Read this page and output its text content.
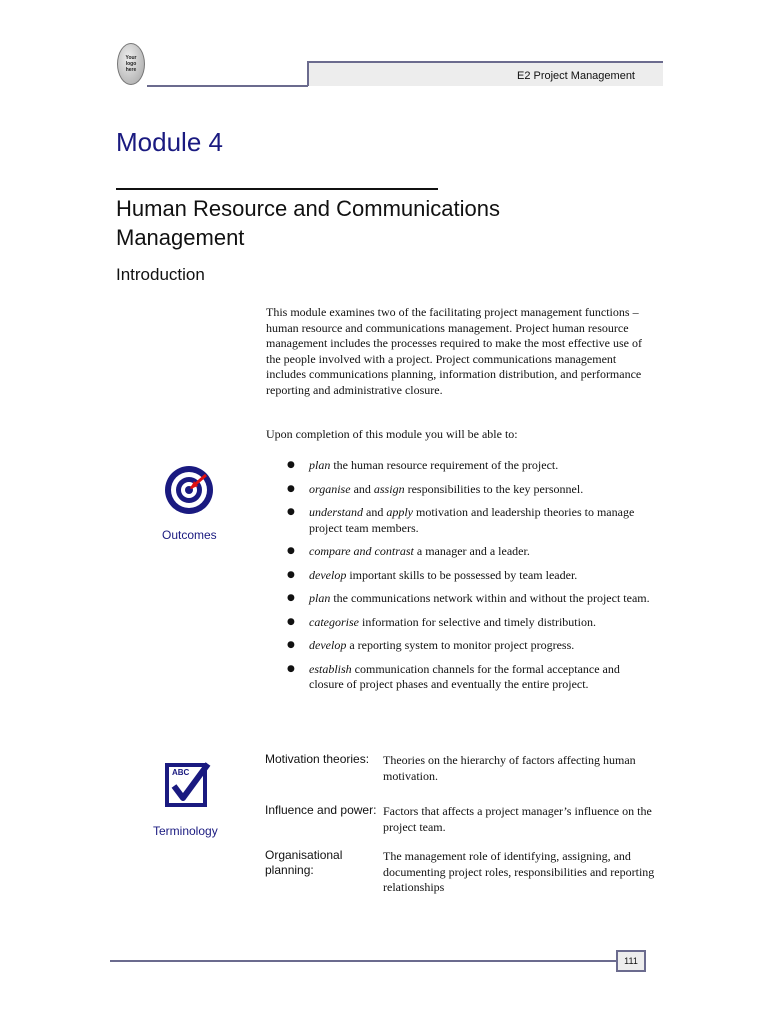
Your
logo
here	E2 Project Management
Module 4
Human Resource and Communications Management
Introduction
This module examines two of the facilitating project management functions – human resource and communications management. Project human resource management includes the processes required to make the most effective use of the people involved with a project. Project communications management includes communications planning, information distribution, and performance reporting and administrative closure.
Upon completion of this module you will be able to:
Outcomes
● plan the human resource requirement of the project.
● organise and assign responsibilities to the key personnel.
● understand and apply motivation and leadership theories to manage project team members.
● compare and contrast a manager and a leader.
● develop important skills to be possessed by team leader.
● plan the communications network within and without the project team.
● categorise information for selective and timely distribution.
● develop a reporting system to monitor project progress.
● establish communication channels for the formal acceptance and closure of project phases and eventually the entire project.
ABC
Terminology
Motivation theories:	Theories on the hierarchy of factors affecting human motivation.
Influence and power: Factors that affects a project manager’s influence on the project team.
Organisational planning:
The management role of identifying, assigning, and documenting project roles, responsibilities and reporting relationships
111
